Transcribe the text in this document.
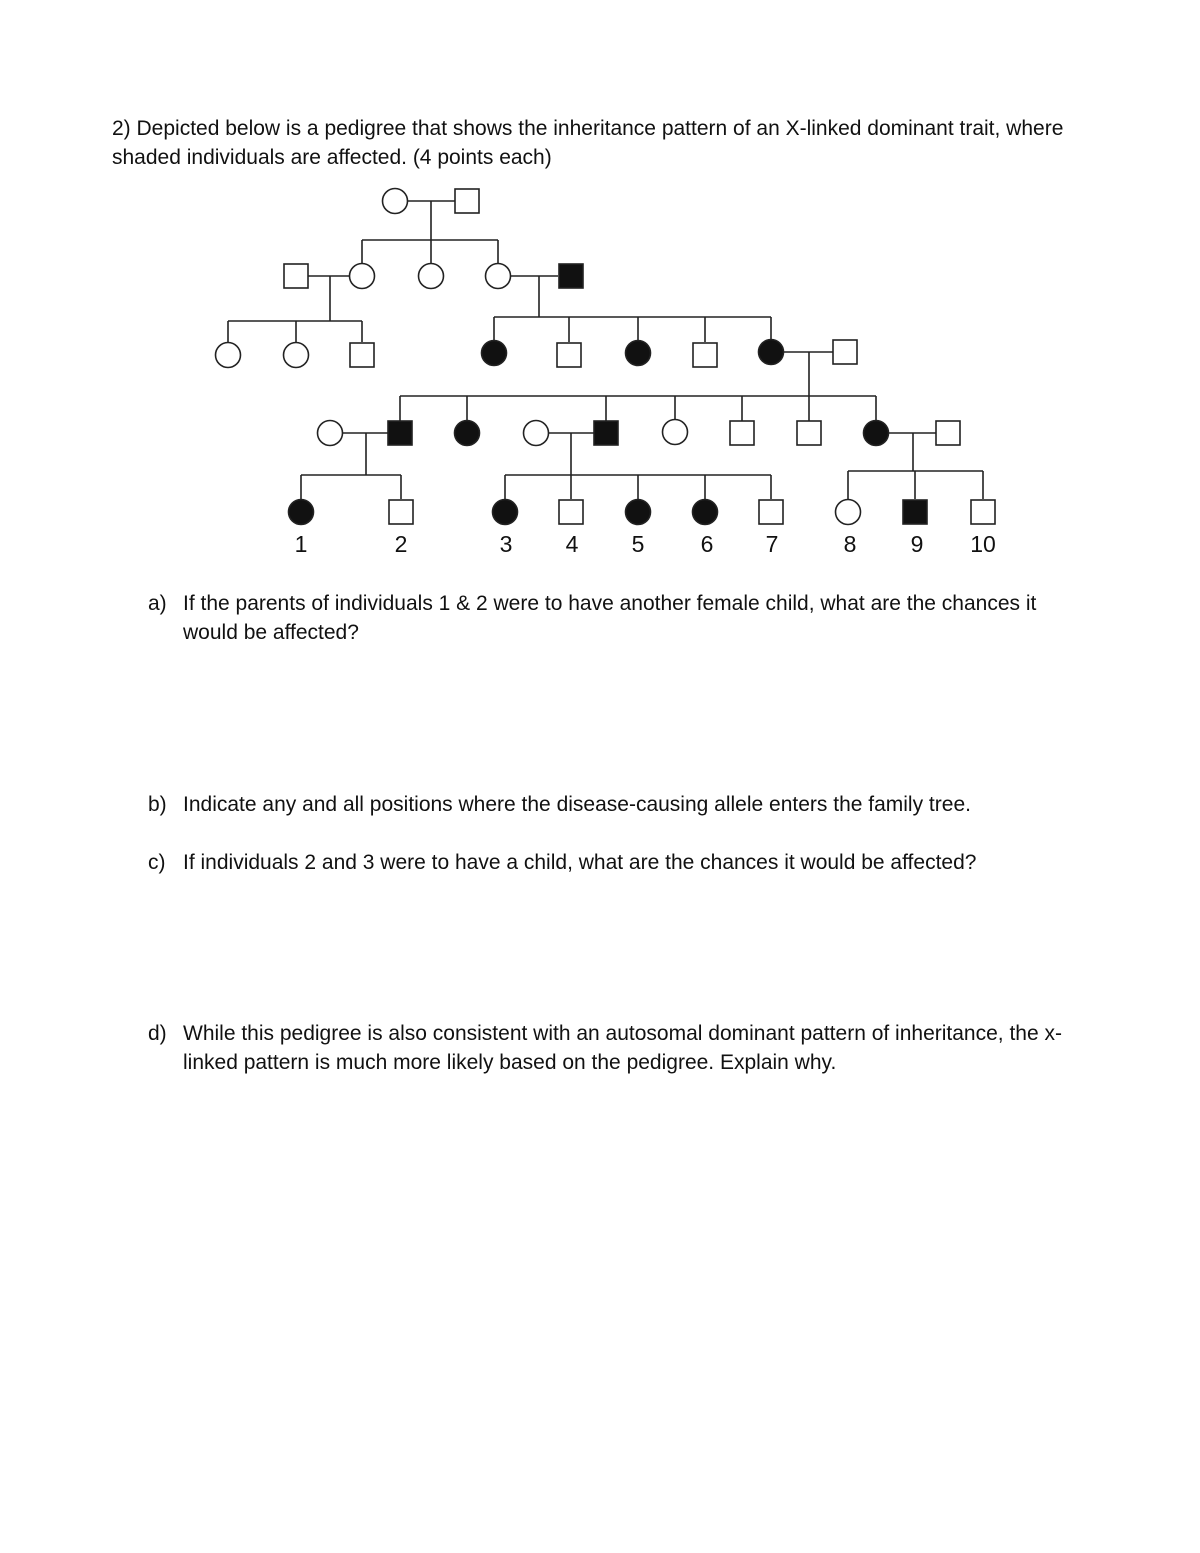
2) Depicted below is a pedigree that shows the inheritance pattern of an X-linked dominant trait, where shaded individuals are affected. (4 points each)

1	2	3 4 5 6 7	8 9 10
a) If the parents of individuals 1 & 2 were to have another female child, what are the chances it would be affected?
b) Indicate any and all positions where the disease-causing allele enters the family tree.
c) If individuals 2 and 3 were to have a child, what are the chances it would be affected?
d) While this pedigree is also consistent with an autosomal dominant pattern of inheritance, the x-linked pattern is much more likely based on the pedigree. Explain why.
